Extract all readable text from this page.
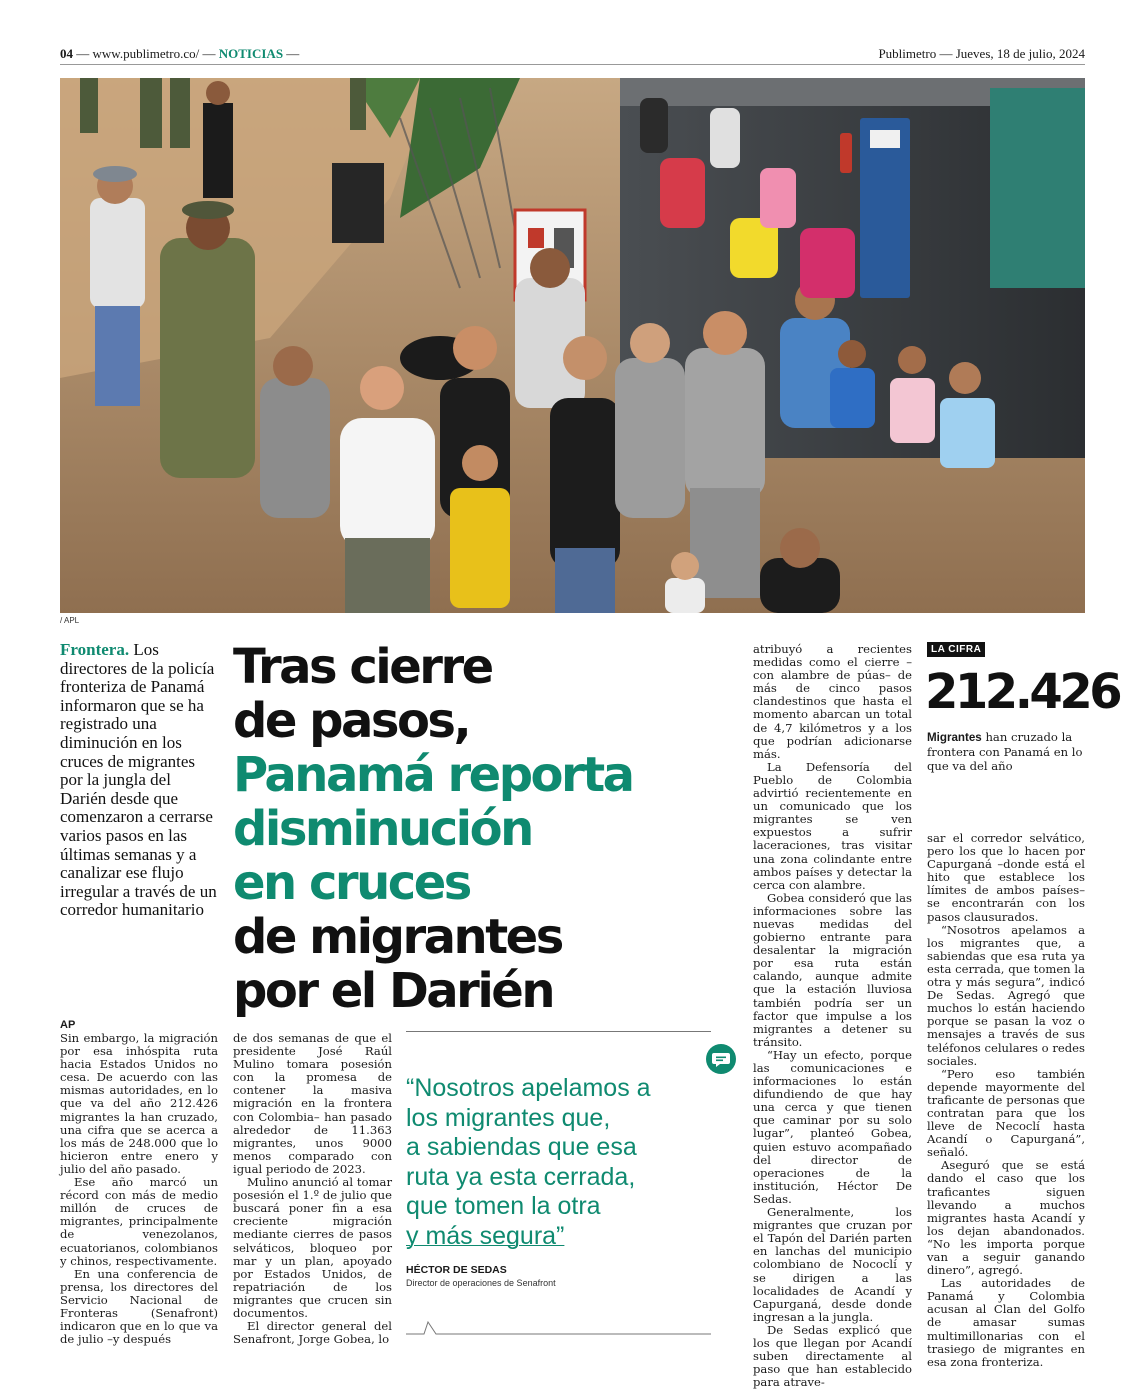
04 — www.publimetro.co/ — NOTICIAS —	Publimetro — Jueves, 18 de julio, 2024
/ APL
Frontera. Los directores de la policía fronteriza de Panamá informaron que se ha registrado una diminución en los cruces de migrantes por la jungla del Darién desde que comenzaron a cerrarse varios pasos en las últimas semanas y a canalizar ese flujo irregular a través de un corredor humanitario
Tras cierre
de pasos,
Panamá reporta
disminución
en cruces
de migrantes
por el Darién
AP

Sin embargo, la migración por esa inhóspita ruta hacia Estados Unidos no cesa. De acuerdo con las mismas autoridades, en lo que va del año 212.426 migrantes la han cruzado, una cifra que se acerca a los más de 248.000 que lo hicieron entre enero y julio del año pasado.

Ese año marcó un récord con más de medio millón de cruces de migrantes, principalmente de venezolanos, ecuatorianos, colombianos y chinos, respectivamente.

En una conferencia de prensa, los directores del Servicio Nacional de Fronteras (Senafront) indicaron que en lo que va de julio –y después

de dos semanas de que el presidente José Raúl Mulino tomara posesión con la promesa de contener la masiva migración en la frontera con Colombia– han pasado alrededor de 11.363 migrantes, unos 9000 menos comparado con igual periodo de 2023.

Mulino anunció al tomar posesión el 1.º de julio que buscará poner fin a esa creciente migración mediante cierres de pasos selváticos, bloqueo por mar y un plan, apoyado por Estados Unidos, de repatriación de los migrantes que crucen sin documentos.

El director general del Senafront, Jorge Gobea, lo

atribuyó a recientes medidas como el cierre –con alambre de púas– de más de cinco pasos clandestinos que hasta el momento abarcan un total de 4,7 kilómetros y a los que podrían adicionarse más.

La Defensoría del Pueblo de Colombia advirtió recientemente en un comunicado que los migrantes se ven expuestos a sufrir laceraciones, tras visitar una zona colindante entre ambos países y detectar la cerca con alambre.

Gobea consideró que las informaciones sobre las nuevas medidas del gobierno entrante para desalentar la migración por esa ruta están calando, aunque admite que la estación lluviosa también podría ser un factor que impulse a los migrantes a detener su tránsito.

“Hay un efecto, porque las comunicaciones e informaciones lo están difundiendo de que hay una cerca y que tienen que caminar por su solo lugar”, planteó Gobea, quien estuvo acompañado del director de operaciones de la institución, Héctor De Sedas.

Generalmente, los migrantes que cruzan por el Tapón del Darién parten en lanchas del municipio colombiano de Nococlí y se dirigen a las localidades de Acandí y Capurganá, desde donde ingresan a la jungla.

De Sedas explicó que los que llegan por Acandí suben directamente al paso que han establecido para atrave-

sar el corredor selvático, pero los que lo hacen por Capurganá –donde está el hito que establece los límites de ambos países– se encontrarán con los pasos clausurados.

“Nosotros apelamos a los migrantes que, a sabiendas que esa ruta ya esta cerrada, que tomen la otra y más segura”, indicó De Sedas. Agregó que muchos lo están haciendo porque se pasan la voz o mensajes a través de sus teléfonos celulares o redes sociales.

“Pero eso también depende mayormente del traficante de personas que contratan para que los lleve de Necoclí hasta Acandí o Capurganá”, señaló.

Aseguró que se está dando el caso que los traficantes siguen llevando a muchos migrantes hasta Acandí y los dejan abandonados. “No les importa porque van a seguir ganando dinero”, agregó.

Las autoridades de Panamá y Colombia acusan al Clan del Golfo de amasar sumas multimillonarias con el trasiego de migrantes en esa zona fronteriza.

“Nosotros apelamos a
los migrantes que,
a sabiendas que esa
ruta ya esta cerrada,
que tomen la otra
y más segura”
HÉCTOR DE SEDAS
Director de operaciones de Senafront
LA CIFRA
212.426
Migrantes han cruzado la frontera con Panamá en lo que va del año
